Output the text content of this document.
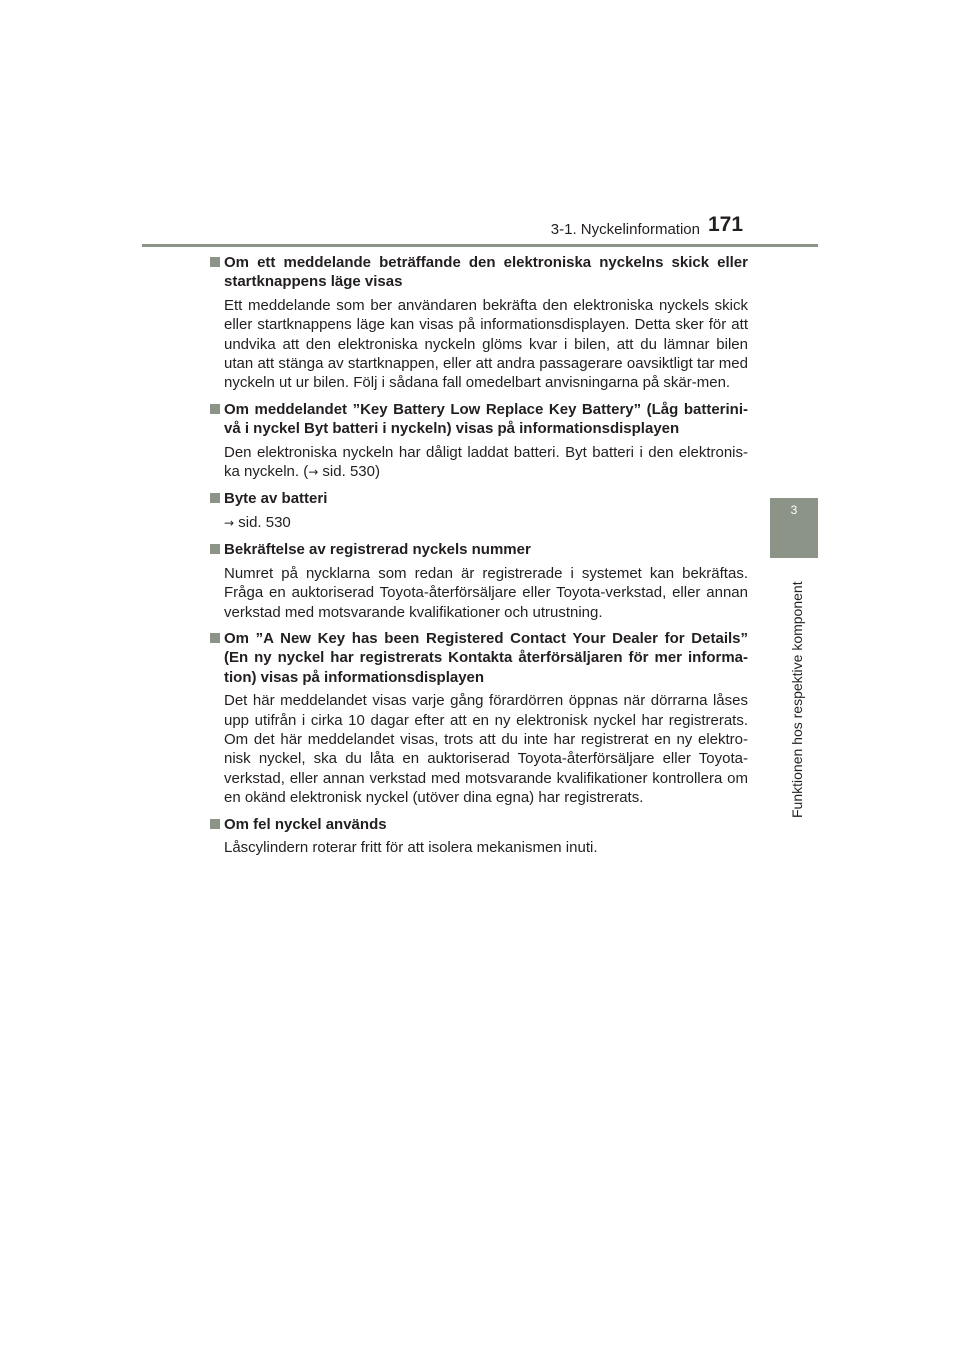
3-1. Nyckelinformation 171
3
Funktionen hos respektive komponent
Om ett meddelande beträffande den elektroniska nyckelns skick eller startknappens läge visas
Ett meddelande som ber användaren bekräfta den elektroniska nyckels skick eller startknappens läge kan visas på informationsdisplayen. Detta sker för att undvika att den elektroniska nyckeln glöms kvar i bilen, att du lämnar bilen utan att stänga av startknappen, eller att andra passagerare oavsiktligt tar med nyckeln ut ur bilen. Följ i sådana fall omedelbart anvisningarna på skär-men.
Om meddelandet ”Key Battery Low Replace Key Battery” (Låg batterini-vå i nyckel Byt batteri i nyckeln) visas på informationsdisplayen
Den elektroniska nyckeln har dåligt laddat batteri. Byt batteri i den elektronis-ka nyckeln. (→ sid. 530)
Byte av batteri
→ sid. 530
Bekräftelse av registrerad nyckels nummer
Numret på nycklarna som redan är registrerade i systemet kan bekräftas. Fråga en auktoriserad Toyota-återförsäljare eller Toyota-verkstad, eller annan verkstad med motsvarande kvalifikationer och utrustning.
Om ”A New Key has been Registered Contact Your Dealer for Details” (En ny nyckel har registrerats Kontakta återförsäljaren för mer informa-tion) visas på informationsdisplayen
Det här meddelandet visas varje gång förardörren öppnas när dörrarna låses upp utifrån i cirka 10 dagar efter att en ny elektronisk nyckel har registrerats. Om det här meddelandet visas, trots att du inte har registrerat en ny elektro-nisk nyckel, ska du låta en auktoriserad Toyota-återförsäljare eller Toyota-verkstad, eller annan verkstad med motsvarande kvalifikationer kontrollera om en okänd elektronisk nyckel (utöver dina egna) har registrerats.
Om fel nyckel används
Låscylindern roterar fritt för att isolera mekanismen inuti.
